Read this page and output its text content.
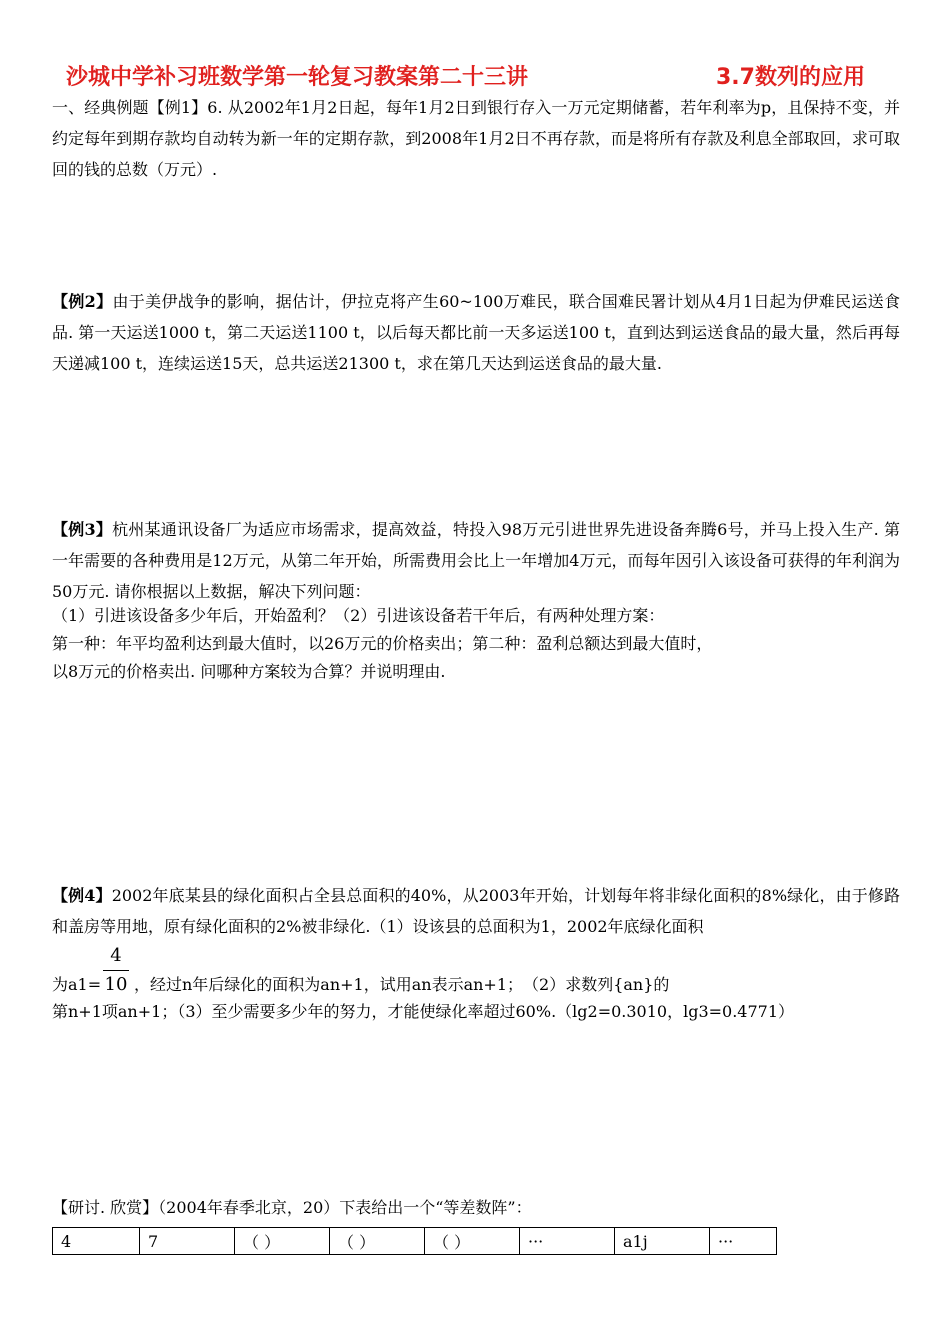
沙城中学补习班数学第一轮复习教案第二十三讲	3.7数列的应用
一、经典例题【例1】6. 从2002年1月2日起，每年1月2日到银行存入一万元定期储蓄，若年利率为p，且保持不变，并约定每年到期存款均自动转为新一年的定期存款，到2008年1月2日不再存款，而是将所有存款及利息全部取回，求可取回的钱的总数（万元）.
【例2】由于美伊战争的影响，据估计，伊拉克将产生60~100万难民，联合国难民署计划从4月1日起为伊难民运送食品. 第一天运送1000 t，第二天运送1100 t，以后每天都比前一天多运送100 t，直到达到运送食品的最大量，然后再每天递减100 t，连续运送15天，总共运送21300 t，求在第几天达到运送食品的最大量.
【例3】杭州某通讯设备厂为适应市场需求，提高效益，特投入98万元引进世界先进设备奔腾6号，并马上投入生产. 第一年需要的各种费用是12万元，从第二年开始，所需费用会比上一年增加4万元，而每年因引入该设备可获得的年利润为50万元. 请你根据以上数据，解决下列问题：
（1）引进该设备多少年后，开始盈利？（2）引进该设备若干年后，有两种处理方案：
第一种：年平均盈利达到最大值时，以26万元的价格卖出；第二种：盈利总额达到最大值时，
以8万元的价格卖出. 问哪种方案较为合算？并说明理由.
【例4】2002年底某县的绿化面积占全县总面积的40%，从2003年开始，计划每年将非绿化面积的8%绿化，由于修路和盖房等用地，原有绿化面积的2%被非绿化.（1）设该县的总面积为1，2002年底绿化面积
4
10
为a1= ，经过n年后绿化的面积为an+1，试用an表示an+1；　（2）求数列{an}的
第n+1项an+1；（3）至少需要多少年的努力，才能使绿化率超过60%.（lg2=0.3010，lg3=0.4771）
【研讨. 欣赏】（2004年春季北京，20）下表给出一个“等差数阵”：
4	7	（ ）	（ ）	（ ）	···	a1j	···
